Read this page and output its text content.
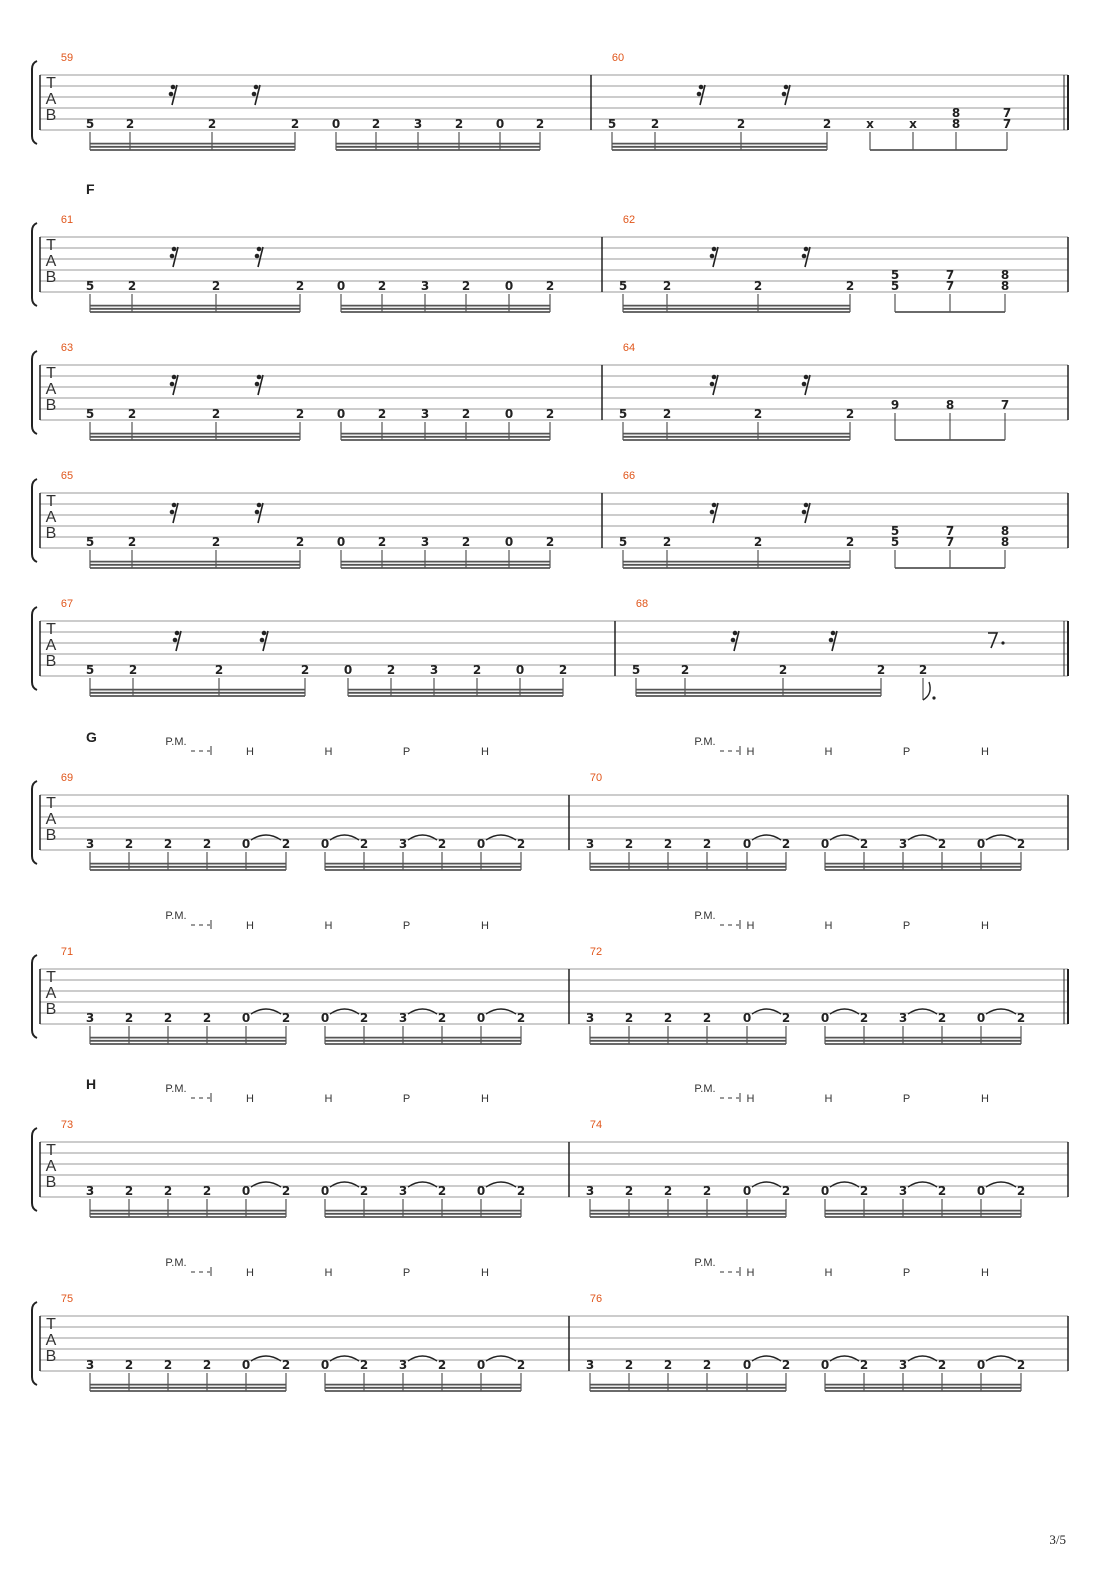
T
A
B
59
5	2	2	2	0	2	3	2	0	2
60
5	2	2	2	x	x	8
8
7
7
T
A
B
F
61
5	2	2	2	0	2	3	2	0	2
62
5	2	2	2	5
5
7
7
8
8
T
A
B
63
5	2	2	2	0	2	3	2	0	2
64
5	2	2	2
9	8	7
T
A
B
65
5	2	2	2	0	2	3	2	0	2
66
5	2	2	2	5
5
7
7
8
8
T
A
B
67
5	2	2	2	0	2	3	2	0	2
68
5	2	2	2	2
T
A
B
G
69
P.M.
3	2	2	2	0	2
H
0	2	3	2	0	2
H	P	H
70
P.M.
3	2	2	2	0	2
H
0	2	3	2	0	2
H	P	H
T
A
B
71
P.M.
3	2	2	2	0	2
H
0	2	3	2	0	2
H	P	H
72
P.M.
3	2	2	2	0	2
H
0	2	3	2	0	2
H	P	H
T
A
B
H
73
P.M.
3	2	2	2	0	2
H
0	2	3	2	0	2
H	P	H
74
P.M.
3	2	2	2	0	2
H
0	2	3	2	0	2
H	P	H
T
A
B
75
P.M.
3	2	2	2	0	2
H
0	2	3	2	0	2
H	P	H
76
P.M.
3	2	2	2	0	2
H
0	2	3	2	0	2
H	P	H
3/5
